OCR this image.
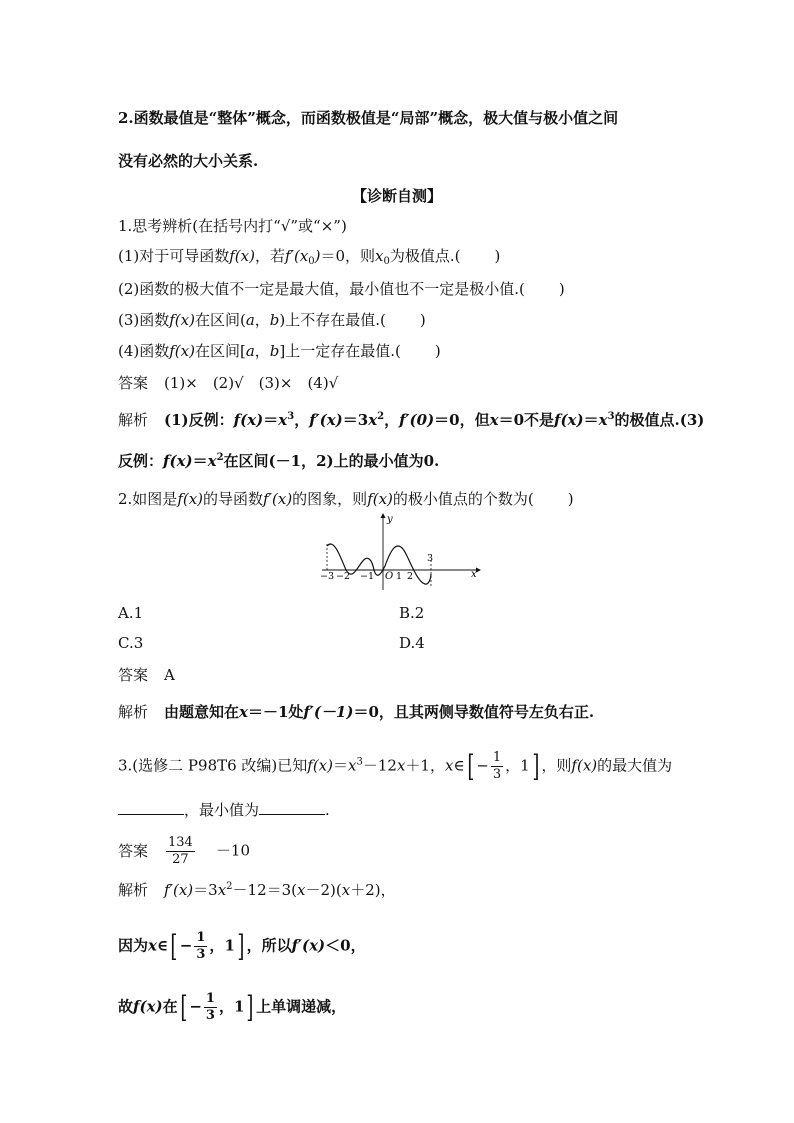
2.函数最值是“整体”概念，而函数极值是“局部”概念，极大值与极小值之间
没有必然的大小关系.
【诊断自测】
1.思考辨析(在括号内打“√”或“×”)
(1)对于可导函数f(x)，若$f'(x_0)=0$，则$x_0$为极值点.( )
(2)函数的极大值不一定是最大值，最小值也不一定是极小值.( )
(3)函数f(x)在区间(a，b)上不存在最值.( )
(4)函数f(x)在区间[a，b]上一定存在最值.( )
答案 (1)×　(2)√　(3)×　(4)√
解析 (1)反例：$f(x)=x^3$，$f'(x)=3x^2$，f′(0)＝0，但x＝0不是$f(x)=x^3$的极值点.(3)
反例：$f(x)=x^2$在区间(－1，2)上的最小值为0.
2.如图是f(x)的导函数f′(x)的图象，则f(x)的极小值点的个数为( )
y
x
O
−3 −2 −1 1 2
3
A.1	B.2
C.3	D.4
答案 A
解析 由题意知在x＝－1处f′(－1)＝0，且其两侧导数值符号左负右正.
3.(选修二 P98T6 改编)已知$f(x)=x^3-12x+1$，x∈[ − $\frac{1}{3}$ ，1] ，则f(x)的最大值为
，最小值为	.
答案 $\frac{134}{27} -10$
解析 $f'(x)=3x^2-12=3(x-2)(x+2)$，
因为x∈[ − $\frac{1}{3}$ ，1] ，所以f′(x)＜0，
故f(x)在[ − $\frac{1}{3}$ ，1] 上单调递减，
